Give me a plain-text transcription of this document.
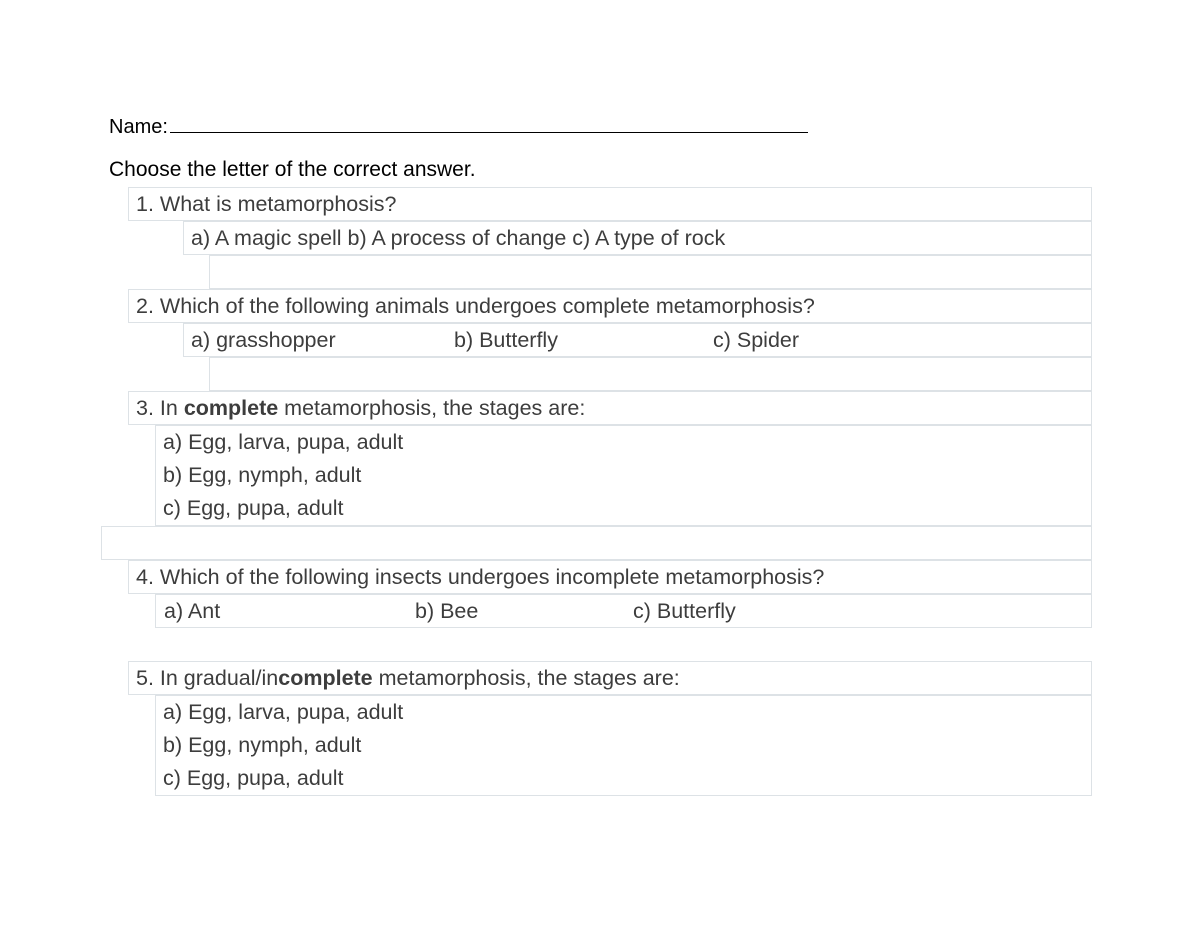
Name:
Choose the letter of the correct answer.
1. What is metamorphosis?
a) A magic spell b) A process of change c) A type of rock
2. Which of the following animals undergoes complete metamorphosis?
a) grasshopper	b) Butterfly	c) Spider
3. In complete metamorphosis, the stages are:
a) Egg, larva, pupa, adult
b) Egg, nymph, adult
c) Egg, pupa, adult
4. Which of the following insects undergoes incomplete metamorphosis?
a) Ant	b) Bee	c) Butterfly
5. In gradual/incomplete metamorphosis, the stages are:
a) Egg, larva, pupa, adult
b) Egg, nymph, adult
c) Egg, pupa, adult
